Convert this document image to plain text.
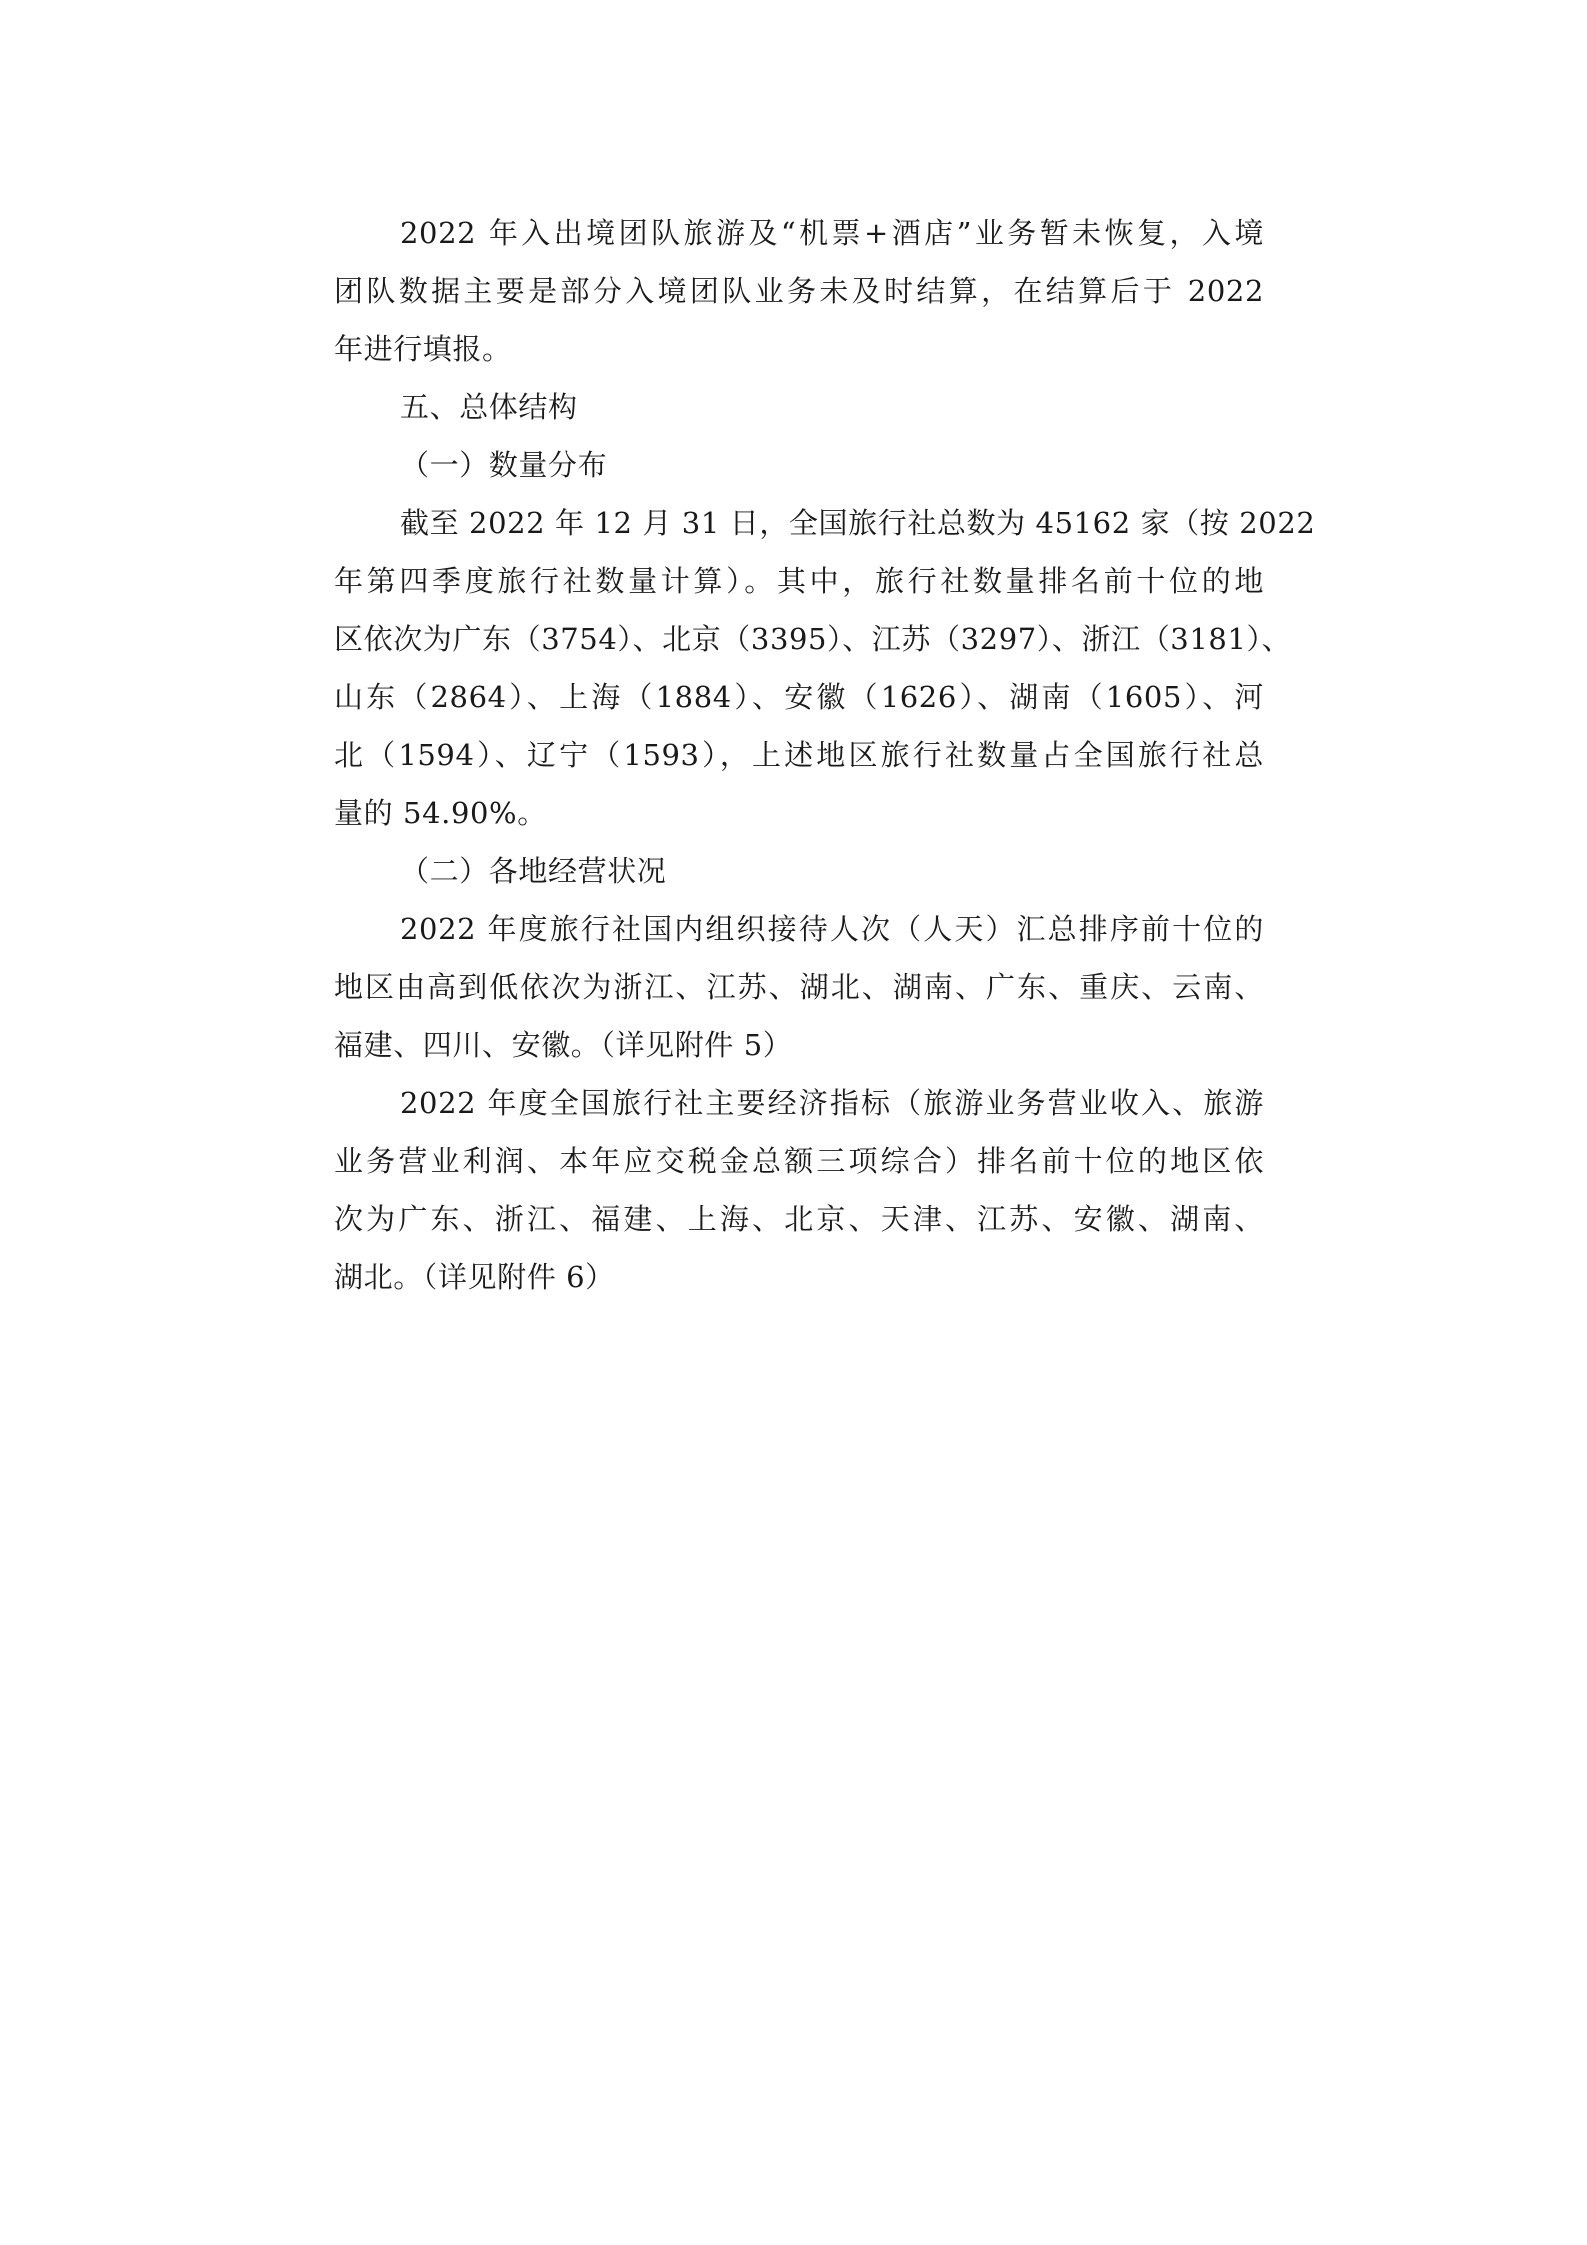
2022 年入出境团队旅游及“机票+酒店”业务暂未恢复，入境
团队数据主要是部分入境团队业务未及时结算，在结算后于 2022
年进行填报。
五、总体结构
（一）数量分布
截至 2022 年 12 月 31 日，全国旅行社总数为 45162 家（按 2022
年第四季度旅行社数量计算）。其中，旅行社数量排名前十位的地
区依次为广东（3754）、北京（3395）、江苏（3297）、浙江（3181）、
山东（2864）、上海（1884）、安徽（1626）、湖南（1605）、河
北（1594）、辽宁（1593），上述地区旅行社数量占全国旅行社总
量的 54.90%。
（二）各地经营状况
2022 年度旅行社国内组织接待人次（人天）汇总排序前十位的
地区由高到低依次为浙江、江苏、湖北、湖南、广东、重庆、云南、
福建、四川、安徽。（详见附件 5）
2022 年度全国旅行社主要经济指标（旅游业务营业收入、旅游
业务营业利润、本年应交税金总额三项综合）排名前十位的地区依
次为广东、浙江、福建、上海、北京、天津、江苏、安徽、湖南、
湖北。（详见附件 6）
